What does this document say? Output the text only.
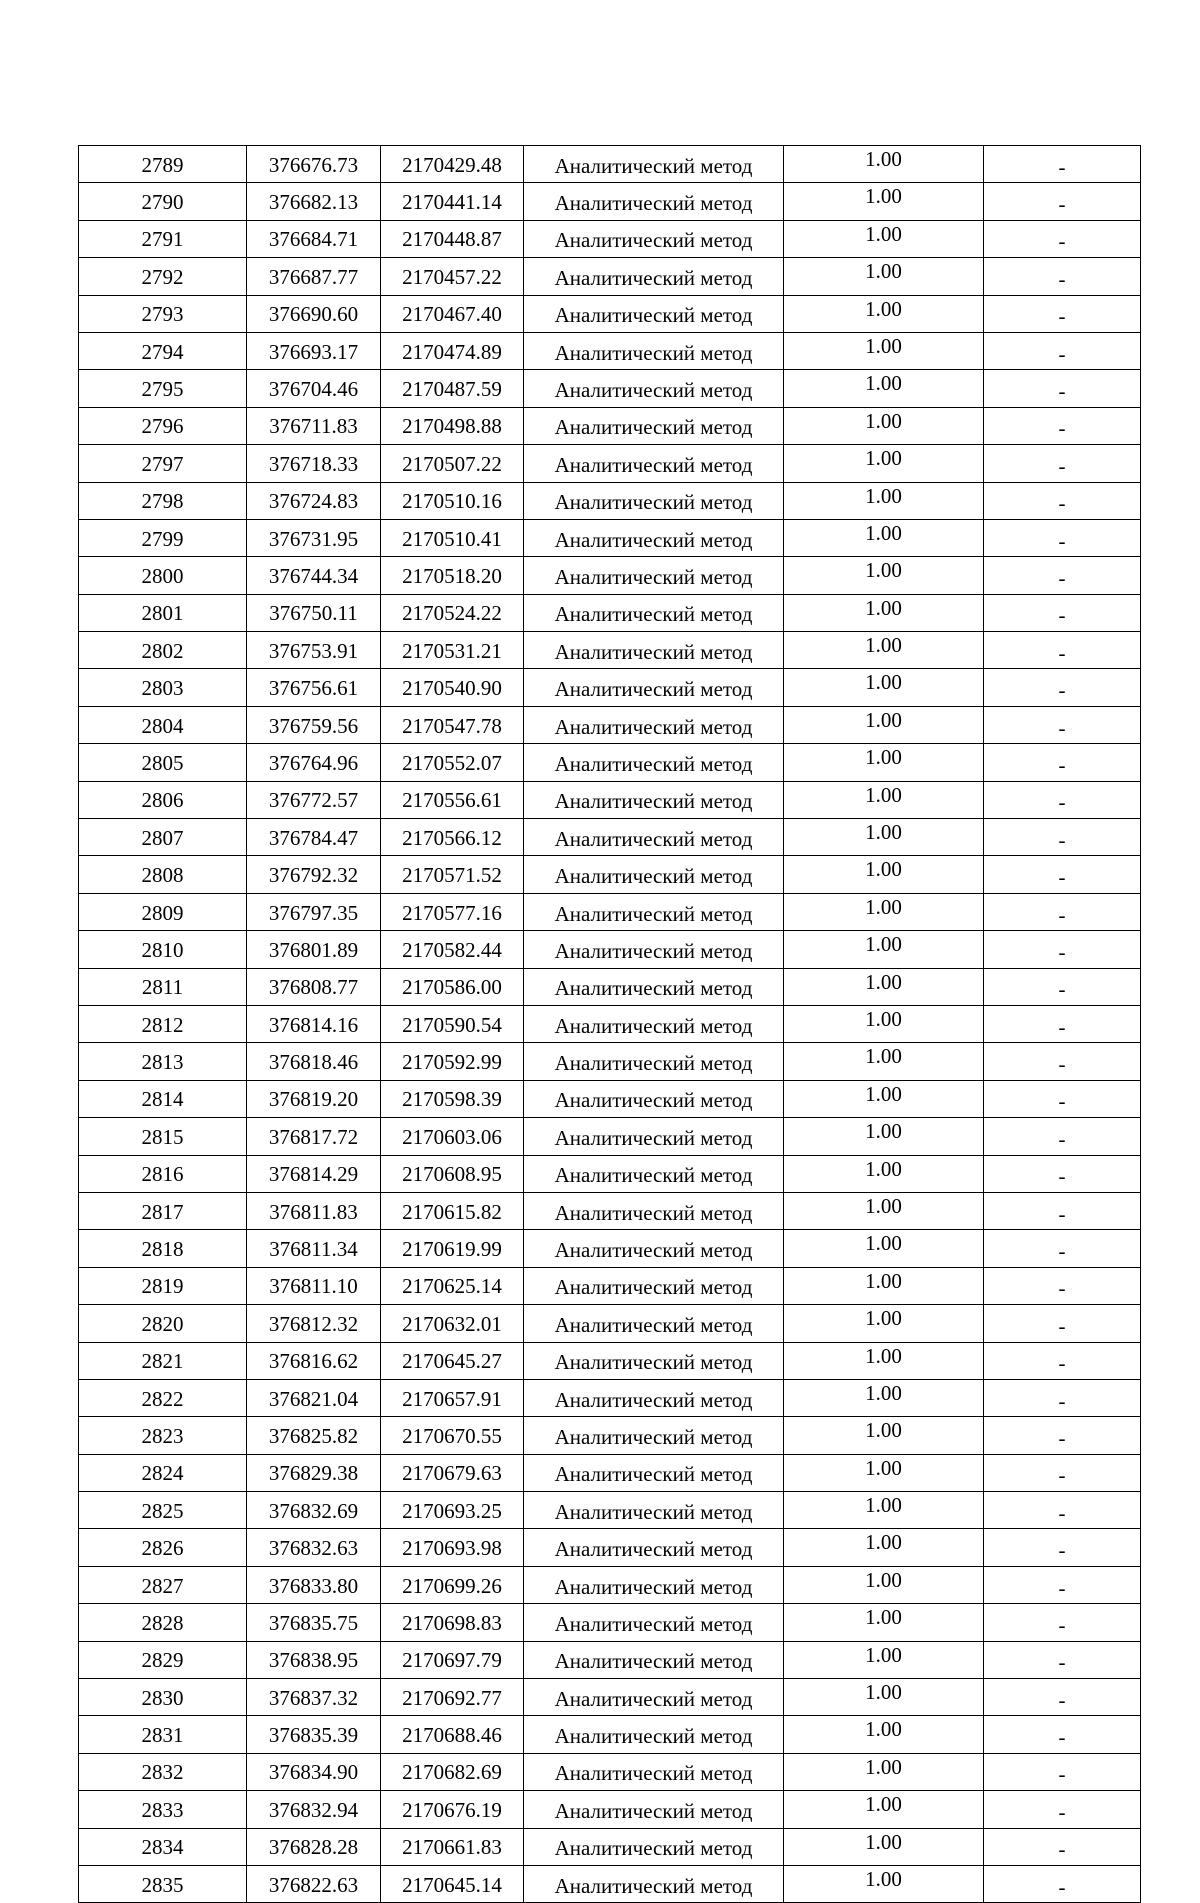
2789	376676.73	2170429.48	Аналитический метод	1.00	-
2790	376682.13	2170441.14	Аналитический метод	1.00	-
2791	376684.71	2170448.87	Аналитический метод	1.00	-
2792	376687.77	2170457.22	Аналитический метод	1.00	-
2793	376690.60	2170467.40	Аналитический метод	1.00	-
2794	376693.17	2170474.89	Аналитический метод	1.00	-
2795	376704.46	2170487.59	Аналитический метод	1.00	-
2796	376711.83	2170498.88	Аналитический метод	1.00	-
2797	376718.33	2170507.22	Аналитический метод	1.00	-
2798	376724.83	2170510.16	Аналитический метод	1.00	-
2799	376731.95	2170510.41	Аналитический метод	1.00	-
2800	376744.34	2170518.20	Аналитический метод	1.00	-
2801	376750.11	2170524.22	Аналитический метод	1.00	-
2802	376753.91	2170531.21	Аналитический метод	1.00	-
2803	376756.61	2170540.90	Аналитический метод	1.00	-
2804	376759.56	2170547.78	Аналитический метод	1.00	-
2805	376764.96	2170552.07	Аналитический метод	1.00	-
2806	376772.57	2170556.61	Аналитический метод	1.00	-
2807	376784.47	2170566.12	Аналитический метод	1.00	-
2808	376792.32	2170571.52	Аналитический метод	1.00	-
2809	376797.35	2170577.16	Аналитический метод	1.00	-
2810	376801.89	2170582.44	Аналитический метод	1.00	-
2811	376808.77	2170586.00	Аналитический метод	1.00	-
2812	376814.16	2170590.54	Аналитический метод	1.00	-
2813	376818.46	2170592.99	Аналитический метод	1.00	-
2814	376819.20	2170598.39	Аналитический метод	1.00	-
2815	376817.72	2170603.06	Аналитический метод	1.00	-
2816	376814.29	2170608.95	Аналитический метод	1.00	-
2817	376811.83	2170615.82	Аналитический метод	1.00	-
2818	376811.34	2170619.99	Аналитический метод	1.00	-
2819	376811.10	2170625.14	Аналитический метод	1.00	-
2820	376812.32	2170632.01	Аналитический метод	1.00	-
2821	376816.62	2170645.27	Аналитический метод	1.00	-
2822	376821.04	2170657.91	Аналитический метод	1.00	-
2823	376825.82	2170670.55	Аналитический метод	1.00	-
2824	376829.38	2170679.63	Аналитический метод	1.00	-
2825	376832.69	2170693.25	Аналитический метод	1.00	-
2826	376832.63	2170693.98	Аналитический метод	1.00	-
2827	376833.80	2170699.26	Аналитический метод	1.00	-
2828	376835.75	2170698.83	Аналитический метод	1.00	-
2829	376838.95	2170697.79	Аналитический метод	1.00	-
2830	376837.32	2170692.77	Аналитический метод	1.00	-
2831	376835.39	2170688.46	Аналитический метод	1.00	-
2832	376834.90	2170682.69	Аналитический метод	1.00	-
2833	376832.94	2170676.19	Аналитический метод	1.00	-
2834	376828.28	2170661.83	Аналитический метод	1.00	-
2835	376822.63	2170645.14	Аналитический метод	1.00	-
